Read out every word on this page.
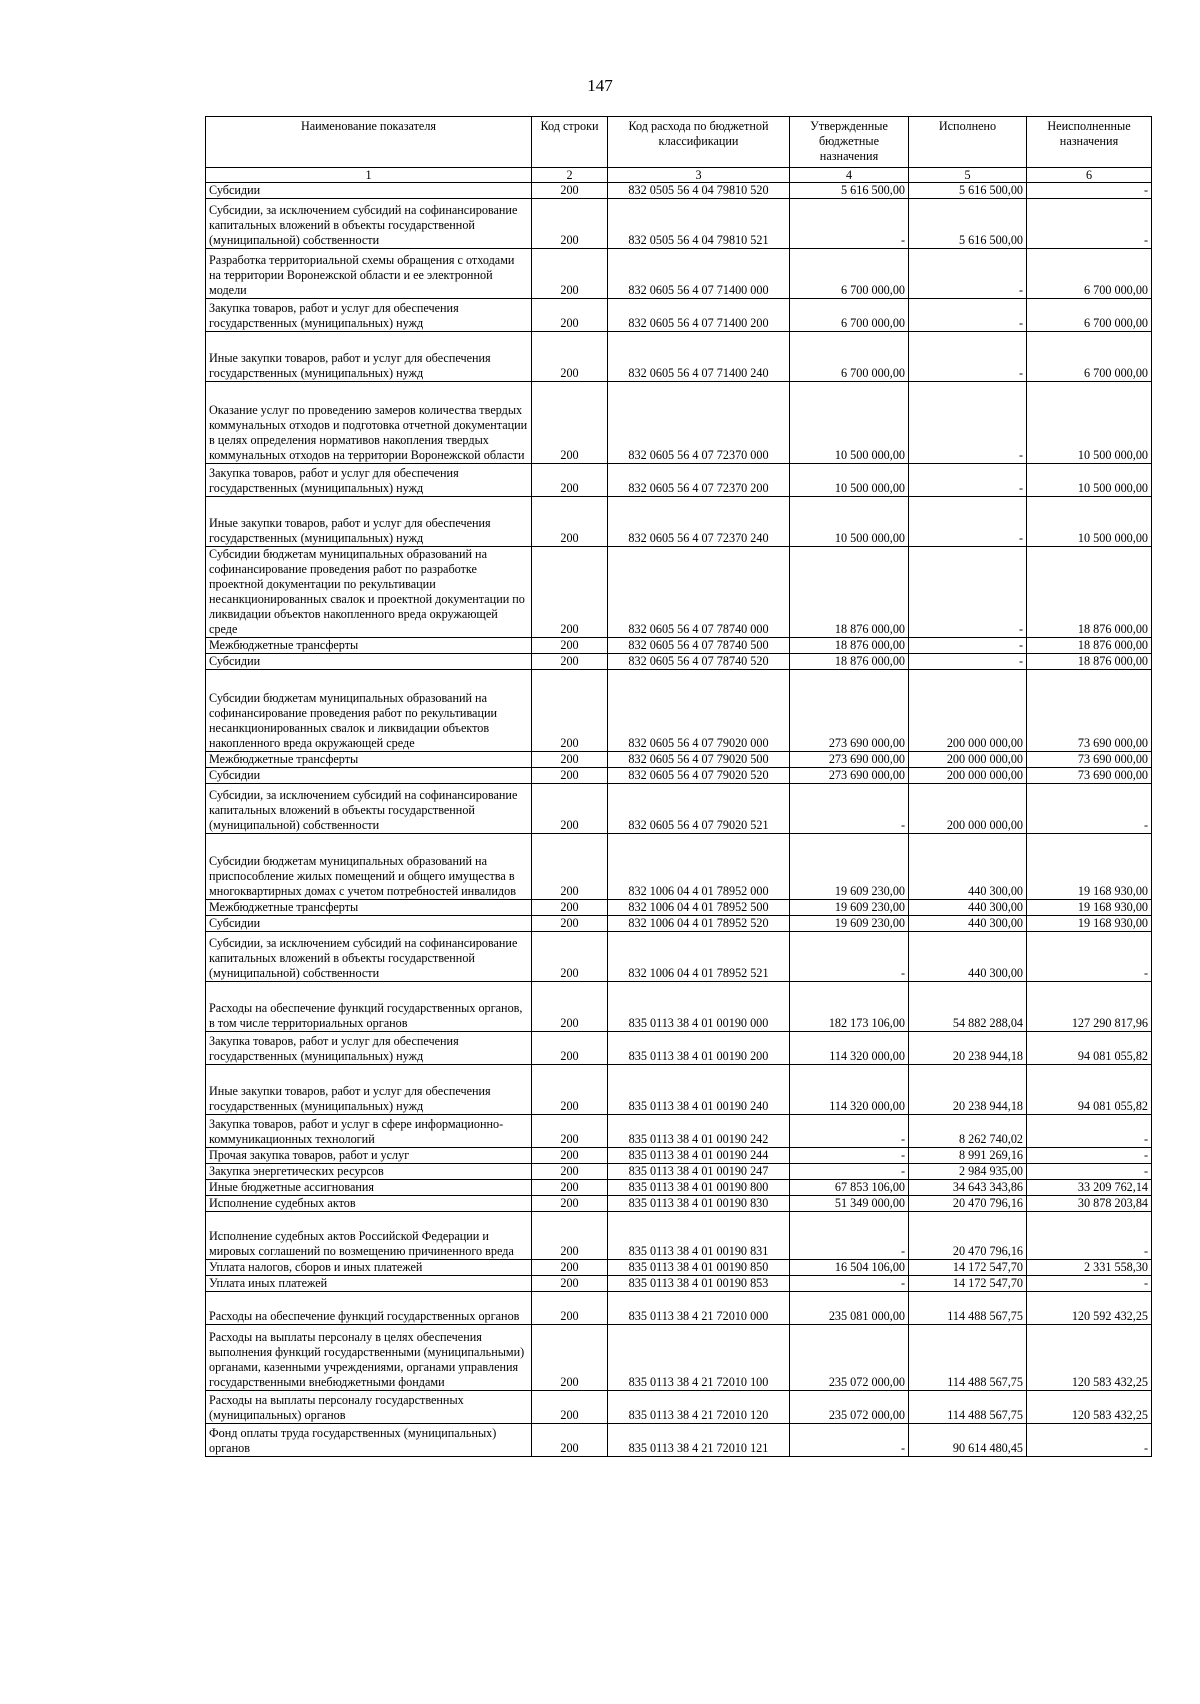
147
Наименование показателя	Код строки	Код расхода по бюджетной классификации	Утвержденные бюджетные назначения	Исполнено	Неисполненные назначения
1	2	3	4	5	6
Субсидии	200	832 0505 56 4 04 79810 520	5 616 500,00	5 616 500,00	-
Субсидии, за исключением субсидий на софинансирование капитальных вложений в объекты государственной (муниципальной) собственности	200	832 0505 56 4 04 79810 521	-	5 616 500,00	-
Разработка территориальной схемы обращения с отходами на территории Воронежской области и ее электронной модели	200	832 0605 56 4 07 71400 000	6 700 000,00	-	6 700 000,00
Закупка товаров, работ и услуг для обеспечения государственных (муниципальных) нужд	200	832 0605 56 4 07 71400 200	6 700 000,00	-	6 700 000,00
Иные закупки товаров, работ и услуг для обеспечения государственных (муниципальных) нужд	200	832 0605 56 4 07 71400 240	6 700 000,00	-	6 700 000,00
Оказание услуг по проведению замеров количества твердых коммунальных отходов и подготовка отчетной документации в целях определения нормативов накопления твердых коммунальных отходов на территории Воронежской области	200	832 0605 56 4 07 72370 000	10 500 000,00	-	10 500 000,00
Закупка товаров, работ и услуг для обеспечения государственных (муниципальных) нужд	200	832 0605 56 4 07 72370 200	10 500 000,00	-	10 500 000,00
Иные закупки товаров, работ и услуг для обеспечения государственных (муниципальных) нужд	200	832 0605 56 4 07 72370 240	10 500 000,00	-	10 500 000,00
Субсидии бюджетам муниципальных образований на софинансирование проведения работ по разработке проектной документации по рекультивации несанкционированных свалок и проектной документации по ликвидации объектов накопленного вреда окружающей среде	200	832 0605 56 4 07 78740 000	18 876 000,00	-	18 876 000,00
Межбюджетные трансферты	200	832 0605 56 4 07 78740 500	18 876 000,00	-	18 876 000,00
Субсидии	200	832 0605 56 4 07 78740 520	18 876 000,00	-	18 876 000,00
Субсидии бюджетам муниципальных образований на софинансирование проведения работ по рекультивации несанкционированных свалок и ликвидации объектов накопленного вреда окружающей среде	200	832 0605 56 4 07 79020 000	273 690 000,00	200 000 000,00	73 690 000,00
Межбюджетные трансферты	200	832 0605 56 4 07 79020 500	273 690 000,00	200 000 000,00	73 690 000,00
Субсидии	200	832 0605 56 4 07 79020 520	273 690 000,00	200 000 000,00	73 690 000,00
Субсидии, за исключением субсидий на софинансирование капитальных вложений в объекты государственной (муниципальной) собственности	200	832 0605 56 4 07 79020 521	-	200 000 000,00	-
Субсидии бюджетам муниципальных образований на приспособление жилых помещений и общего имущества в многоквартирных домах с учетом потребностей инвалидов	200	832 1006 04 4 01 78952 000	19 609 230,00	440 300,00	19 168 930,00
Межбюджетные трансферты	200	832 1006 04 4 01 78952 500	19 609 230,00	440 300,00	19 168 930,00
Субсидии	200	832 1006 04 4 01 78952 520	19 609 230,00	440 300,00	19 168 930,00
Субсидии, за исключением субсидий на софинансирование капитальных вложений в объекты государственной (муниципальной) собственности	200	832 1006 04 4 01 78952 521	-	440 300,00	-
Расходы на обеспечение функций государственных органов, в том числе территориальных органов	200	835 0113 38 4 01 00190 000	182 173 106,00	54 882 288,04	127 290 817,96
Закупка товаров, работ и услуг для обеспечения государственных (муниципальных) нужд	200	835 0113 38 4 01 00190 200	114 320 000,00	20 238 944,18	94 081 055,82
Иные закупки товаров, работ и услуг для обеспечения государственных (муниципальных) нужд	200	835 0113 38 4 01 00190 240	114 320 000,00	20 238 944,18	94 081 055,82
Закупка товаров, работ и услуг в сфере информационно-коммуникационных технологий	200	835 0113 38 4 01 00190 242	-	8 262 740,02	-
Прочая закупка товаров, работ и услуг	200	835 0113 38 4 01 00190 244	-	8 991 269,16	-
Закупка энергетических ресурсов	200	835 0113 38 4 01 00190 247	-	2 984 935,00	-
Иные бюджетные ассигнования	200	835 0113 38 4 01 00190 800	67 853 106,00	34 643 343,86	33 209 762,14
Исполнение судебных актов	200	835 0113 38 4 01 00190 830	51 349 000,00	20 470 796,16	30 878 203,84
Исполнение судебных актов Российской Федерации и мировых соглашений по возмещению причиненного вреда	200	835 0113 38 4 01 00190 831	-	20 470 796,16	-
Уплата налогов, сборов и иных платежей	200	835 0113 38 4 01 00190 850	16 504 106,00	14 172 547,70	2 331 558,30
Уплата иных платежей	200	835 0113 38 4 01 00190 853	-	14 172 547,70	-
Расходы на обеспечение функций государственных органов	200	835 0113 38 4 21 72010 000	235 081 000,00	114 488 567,75	120 592 432,25
Расходы на выплаты персоналу в целях обеспечения выполнения функций государственными (муниципальными) органами, казенными учреждениями, органами управления государственными внебюджетными фондами	200	835 0113 38 4 21 72010 100	235 072 000,00	114 488 567,75	120 583 432,25
Расходы на выплаты персоналу государственных (муниципальных) органов	200	835 0113 38 4 21 72010 120	235 072 000,00	114 488 567,75	120 583 432,25
Фонд оплаты труда государственных (муниципальных) органов	200	835 0113 38 4 21 72010 121	-	90 614 480,45	-
